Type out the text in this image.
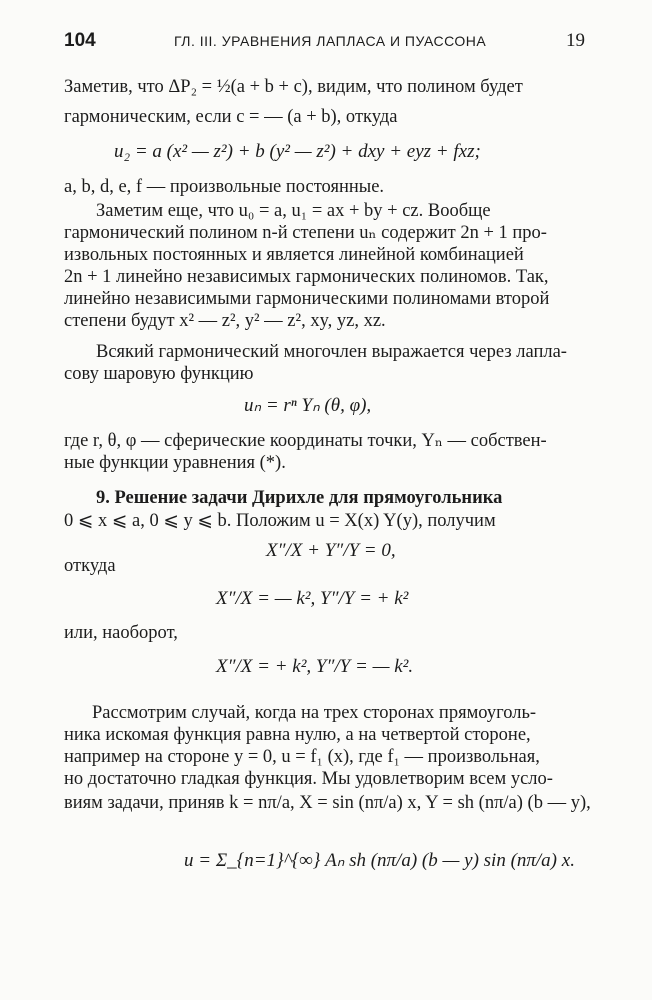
104	ГЛ. III. УРАВНЕНИЯ ЛАПЛАСА И ПУАССОНА	19
Заметив, что ΔP₂ = ½(a + b + c), видим, что полином будет
гармоническим, если c = — (a + b), откуда
u₂ = a (x² — z²) + b (y² — z²) + dxy + eyz + fxz;
a, b, d, e, f — произвольные постоянные.
Заметим еще, что u₀ = a, u₁ = ax + by + cz. Вообще
гармонический полином n-й степени uₙ содержит 2n + 1 про-
извольных постоянных и является линейной комбинацией
2n + 1 линейно независимых гармонических полиномов. Так,
линейно независимыми гармоническими полиномами второй
степени будут x² — z², y² — z², xy, yz, xz.
Всякий гармонический многочлен выражается через лапла-
сову шаровую функцию
uₙ = rⁿ Yₙ (θ, φ),
где r, θ, φ — сферические координаты точки, Yₙ — собствен-
ные функции уравнения (*).
9. Решение задачи Дирихле для прямоугольника
0 ⩽ x ⩽ a, 0 ⩽ y ⩽ b. Положим u = X(x) Y(y), получим
X″/X + Y″/Y = 0,
откуда
X″/X = — k², Y″/Y = + k²
или, наоборот,
X″/X = + k², Y″/Y = — k².
Рассмотрим случай, когда на трех сторонах прямоуголь-
ника искомая функция равна нулю, а на четвертой стороне,
например на стороне y = 0, u = f₁ (x), где f₁ — произвольная,
но достаточно гладкая функция. Мы удовлетворим всем усло-
виям задачи, приняв k = nπ/a, X = sin (nπ/a) x, Y = sh (nπ/a) (b — y),
u = Σ_{n=1}^{∞} Aₙ sh (nπ/a) (b — y) sin (nπ/a) x.
